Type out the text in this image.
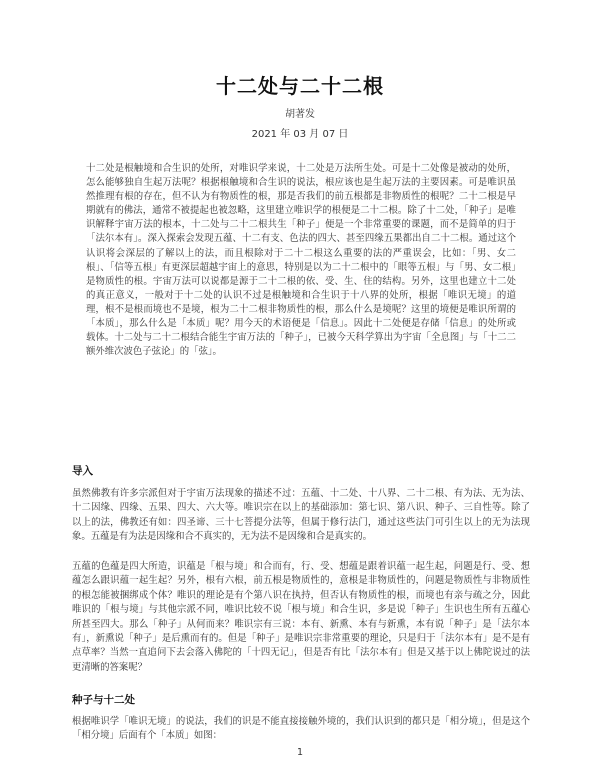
十二处与二十二根
胡著发
2021 年 03 月 07 日

十二处是根触境和合生识的处所，对唯识学来说，十二处是万法所生处。可是十二处像是被动的处所，怎么能够独自生起万法呢？根据根触境和合生识的说法，根应该也是生起万法的主要因素。可是唯识虽然推理有根的存在，但不认为有物质性的根，那是否我们的前五根都是非物质性的根呢？二十二根是早期就有的佛法，通常不被提起也被忽略，这里建立唯识学的根便是二十二根。除了十二处，「种子」是唯识解释宇宙万法的根本，十二处与二十二根共生「种子」便是一个非常重要的课题，而不是简单的归于「法尔本有」。深入探索会发现五蕴、十二有支、色法的四大、甚至四缘五果都出自二十二根。通过这个认识将会深层的了解以上的法，而且根除对于二十二根这么重要的法的严重误会，比如：「男、女二根」、「信等五根」有更深层超越宇宙上的意思，特别是以为二十二根中的「眼等五根」与「男、女二根」是物质性的根。宇宙万法可以说都是源于二十二根的依、受、生、住的结构。另外，这里也建立十二处的真正意义，一般对于十二处的认识不过是根触境和合生识于十八界的处所，根据「唯识无境」的道理，根不是根而境也不是境，根为二十二根非物质性的根，那么什么是境呢？这里的境便是唯识所谓的「本质」，那么什么是「本质」呢？用今天的术语便是「信息」。因此十二处便是存储「信息」的处所或载体。十二处与二十二根结合能生宇宙万法的「种子」，已被今天科学算出为宇宙「全息图」与「十二二额外维次波色子弦论」的「弦」。

导入

虽然佛教有许多宗派但对于宇宙万法现象的描述不过：五蕴、十二处、十八界、二十二根、有为法、无为法、十二因缘、四缘、五果、四大、六大等。唯识宗在以上的基础添加：第七识、第八识、种子、三自性等。除了以上的法，佛教还有如：四圣谛、三十七菩提分法等，但属于修行法门，通过这些法门可引生以上的无为法现象。五蕴是有为法是因缘和合不真实的，无为法不是因缘和合是真实的。

五蕴的色蕴是四大所造，识蕴是「根与境」和合而有，行、受、想蕴是跟着识蕴一起生起，问题是行、受、想蕴怎么跟识蕴一起生起？另外，根有六根，前五根是物质性的，意根是非物质性的，问题是物质性与非物质性的根怎能被捆绑成个体？唯识的理论是有个第八识在执持，但否认有物质性的根，而境也有亲与疏之分，因此唯识的「根与境」与其他宗派不同，唯识比较不说「根与境」和合生识，多是说「种子」生识也生所有五蕴心所甚至四大。那么「种子」从何而来？唯识宗有三说：本有、新熏、本有与新熏，本有说「种子」是「法尔本有」，新熏说「种子」是后熏而有的。但是「种子」是唯识宗非常重要的理论，只是归于「法尔本有」是不是有点草率？当然一直追问下去会落入佛陀的「十四无记」，但是否有比「法尔本有」但是又基于以上佛陀说过的法更清晰的答案呢？

种子与十二处

根据唯识学「唯识无境」的说法，我们的识是不能直接接触外境的，我们认识到的都只是「相分境」，但是这个「相分境」后面有个「本质」如图：

1
